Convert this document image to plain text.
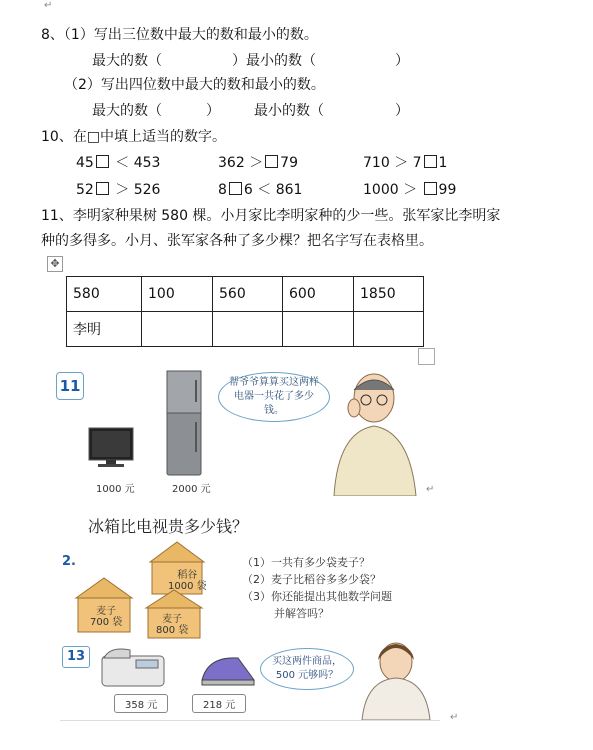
↵
8、（1）写出三位数中最大的数和最小的数。
最大的数（	）最小的数（	）
（2）写出四位数中最大的数和最小的数。
最大的数（	） 最小的数（	）
10、在□中填上适当的数字。
45 ＜ 453	362 ＞ 79	710 ＞ 7 1
52 ＞ 526	8 6 ＜ 861	1000 ＞ 99
11、李明家种果树 580 棵。小月家比李明家种的少一些。张军家比李明家
种的多得多。小月、张军家各种了多少棵？把名字写在表格里。
✥
580	100	560	600	1850
李明				
11
1000 元	2000 元
帮爷爷算算买这两样电器一共花了多少钱。
↵
冰箱比电视贵多少钱？
2.
稻谷
1000 袋
麦子
700 袋	麦子
800 袋
（1）一共有多少袋麦子？
（2）麦子比稻谷多多少袋？
（3）你还能提出其他数学问题
并解答吗？
13
358 元	218 元
买这两件商品，500 元够吗？
↵
